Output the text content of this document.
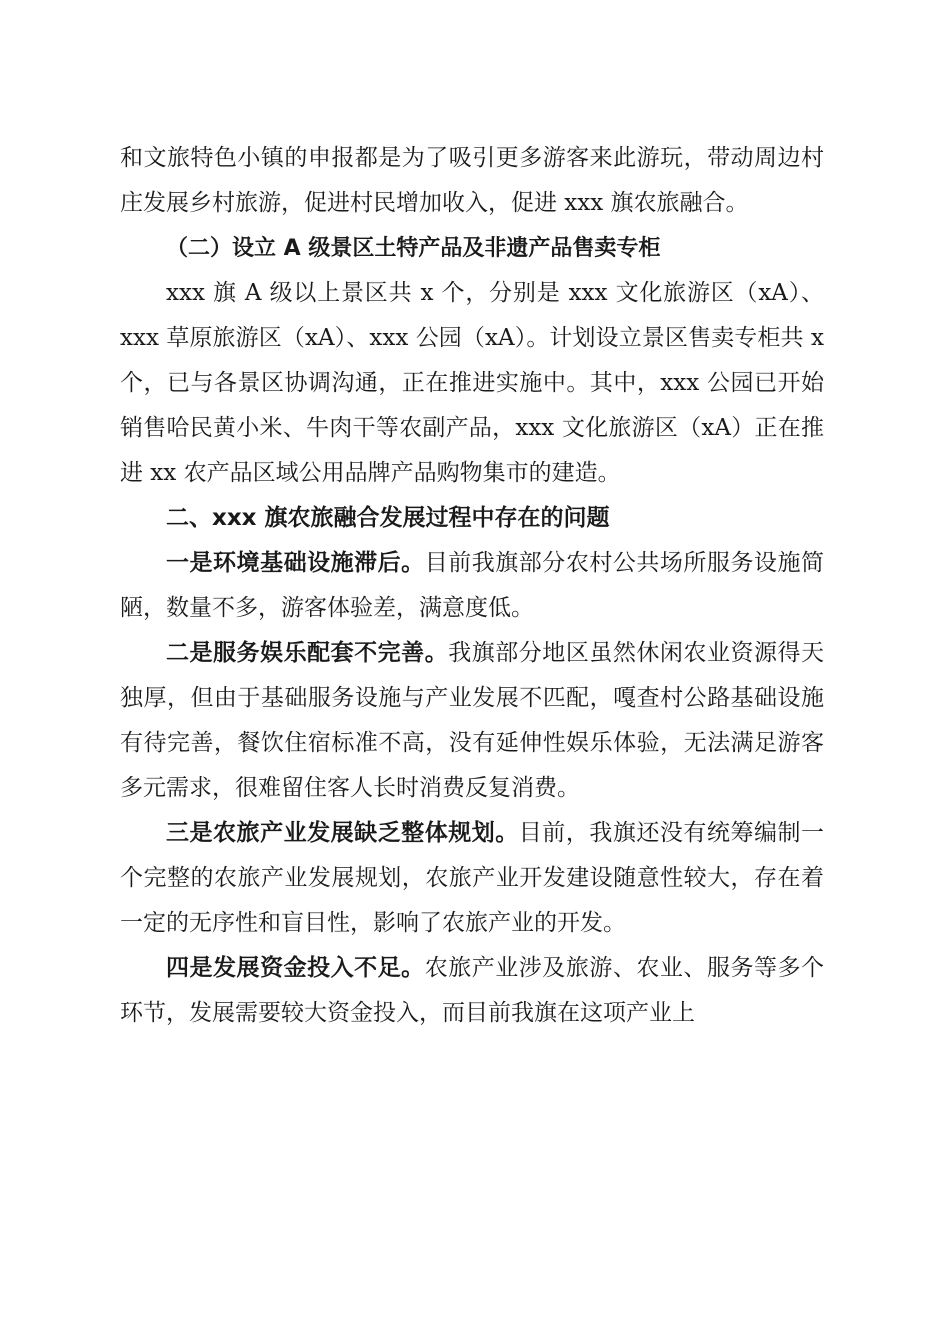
和文旅特色小镇的申报都是为了吸引更多游客来此游玩，带动周边村庄发展乡村旅游，促进村民增加收入，促进 xxx 旗农旅融合。

（二）设立 A 级景区土特产品及非遗产品售卖专柜

xxx 旗 A 级以上景区共 x 个，分别是 xxx 文化旅游区（xA）、xxx 草原旅游区（xA）、xxx 公园（xA）。计划设立景区售卖专柜共 x 个，已与各景区协调沟通，正在推进实施中。其中，xxx 公园已开始销售哈民黄小米、牛肉干等农副产品，xxx 文化旅游区（xA）正在推进 xx 农产品区域公用品牌产品购物集市的建造。

二、xxx 旗农旅融合发展过程中存在的问题

一是环境基础设施滞后。目前我旗部分农村公共场所服务设施简陋，数量不多，游客体验差，满意度低。

二是服务娱乐配套不完善。我旗部分地区虽然休闲农业资源得天独厚，但由于基础服务设施与产业发展不匹配，嘎查村公路基础设施有待完善，餐饮住宿标准不高，没有延伸性娱乐体验，无法满足游客多元需求，很难留住客人长时消费反复消费。

三是农旅产业发展缺乏整体规划。目前，我旗还没有统筹编制一个完整的农旅产业发展规划，农旅产业开发建设随意性较大，存在着一定的无序性和盲目性，影响了农旅产业的开发。

四是发展资金投入不足。农旅产业涉及旅游、农业、服务等多个环节，发展需要较大资金投入，而目前我旗在这项产业上
